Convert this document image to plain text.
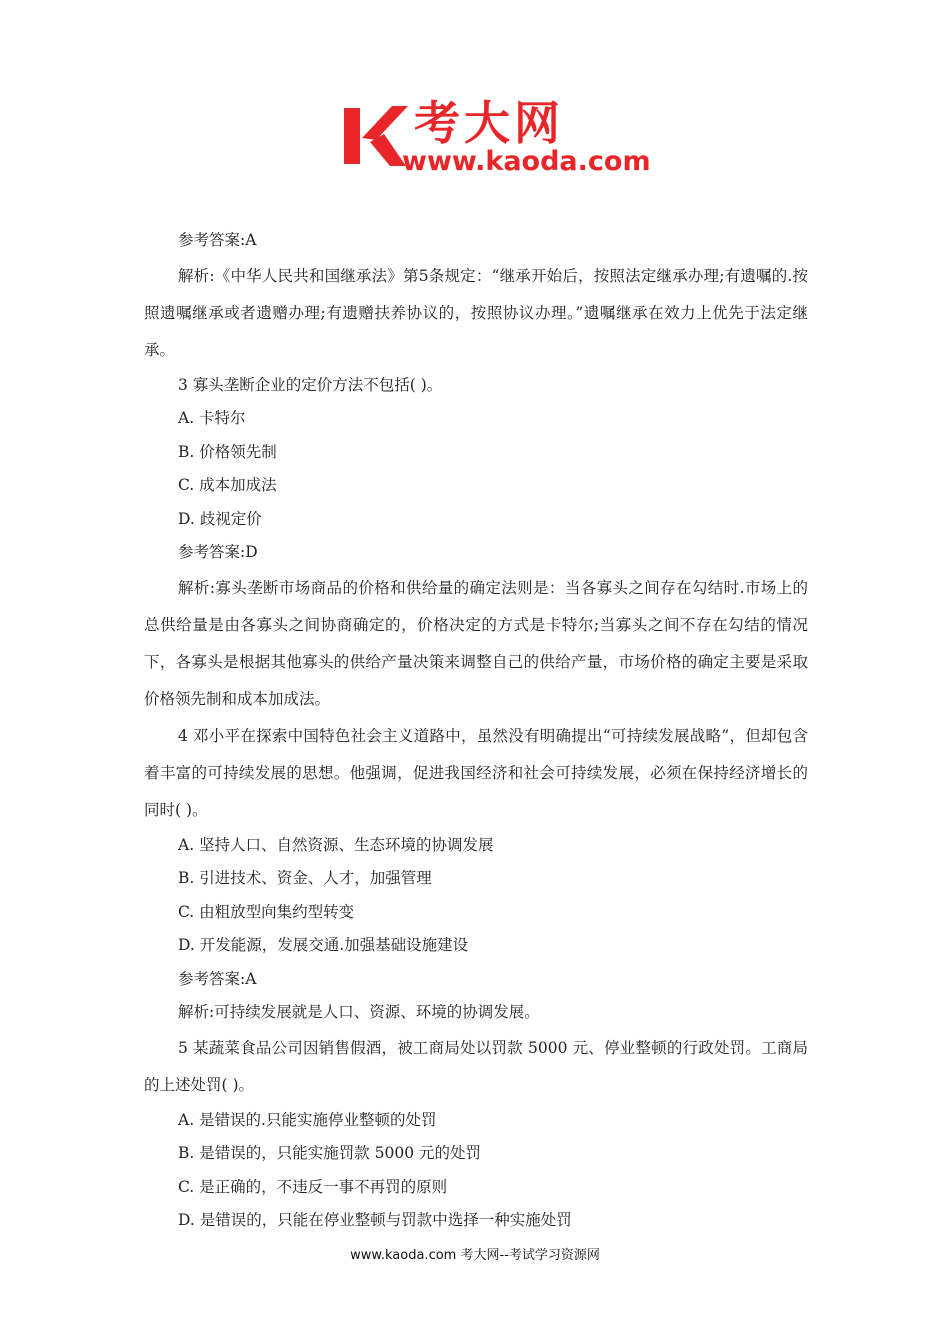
考大网
www.kaoda.com
参考答案:A
解析:《中华人民共和国继承法》第5条规定：“继承开始后，按照法定继承办理;有遗嘱的.按照遗嘱继承或者遗赠办理;有遗赠扶养协议的，按照协议办理。”遗嘱继承在效力上优先于法定继承。
3 寡头垄断企业的定价方法不包括( )。
A. 卡特尔
B. 价格领先制
C. 成本加成法
D. 歧视定价
参考答案:D
解析:寡头垄断市场商品的价格和供给量的确定法则是：当各寡头之间存在勾结时.市场上的总供给量是由各寡头之间协商确定的，价格决定的方式是卡特尔;当寡头之间不存在勾结的情况下，各寡头是根据其他寡头的供给产量决策来调整自己的供给产量，市场价格的确定主要是采取价格领先制和成本加成法。
4 邓小平在探索中国特色社会主义道路中，虽然没有明确提出“可持续发展战略”，但却包含着丰富的可持续发展的思想。他强调，促进我国经济和社会可持续发展，必须在保持经济增长的同时( )。
A. 坚持人口、自然资源、生态环境的协调发展
B. 引进技术、资金、人才，加强管理
C. 由粗放型向集约型转变
D. 开发能源，发展交通.加强基础设施建设
参考答案:A
解析:可持续发展就是人口、资源、环境的协调发展。
5 某蔬菜食品公司因销售假酒，被工商局处以罚款 5000 元、停业整顿的行政处罚。工商局的上述处罚( )。
A. 是错误的.只能实施停业整顿的处罚
B. 是错误的，只能实施罚款 5000 元的处罚
C. 是正确的，不违反一事不再罚的原则
D. 是错误的，只能在停业整顿与罚款中选择一种实施处罚
www.kaoda.com 考大网--考试学习资源网
